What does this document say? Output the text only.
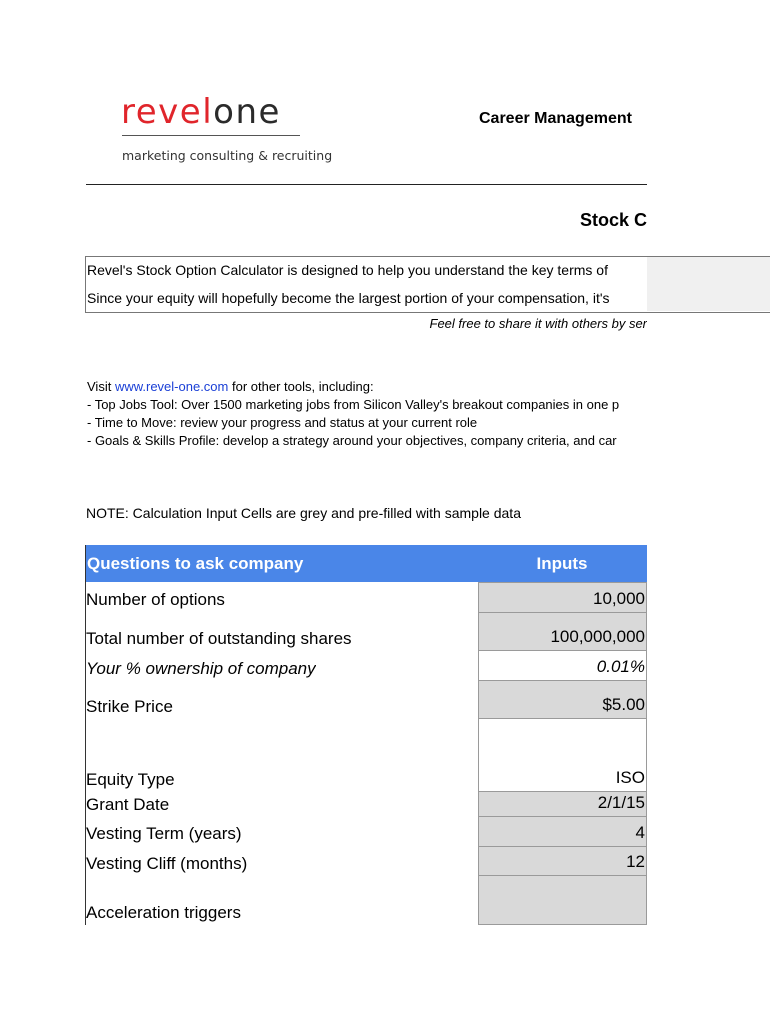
revelone
marketing consulting & recruiting
Career Management
Stock C
Revel's Stock Option Calculator is designed to help you understand the key terms of
Since your equity will hopefully become the largest portion of your compensation, it's
Feel free to share it with others by ser
Visit www.revel-one.com for other tools, including:
- Top Jobs Tool: Over 1500 marketing jobs from Silicon Valley's breakout companies in one p
- Time to Move: review your progress and status at your current role
- Goals & Skills Profile: develop a strategy around your objectives, company criteria, and car
NOTE: Calculation Input Cells are grey and pre-filled with sample data
Questions to ask company	Inputs
Number of options
Total number of outstanding shares
Your % ownership of company
Strike Price
Equity Type
Grant Date
Vesting Term (years)
Vesting Cliff (months)
Acceleration triggers
10,000
100,000,000
0.01%
$5.00
ISO
2/1/15
4
12
